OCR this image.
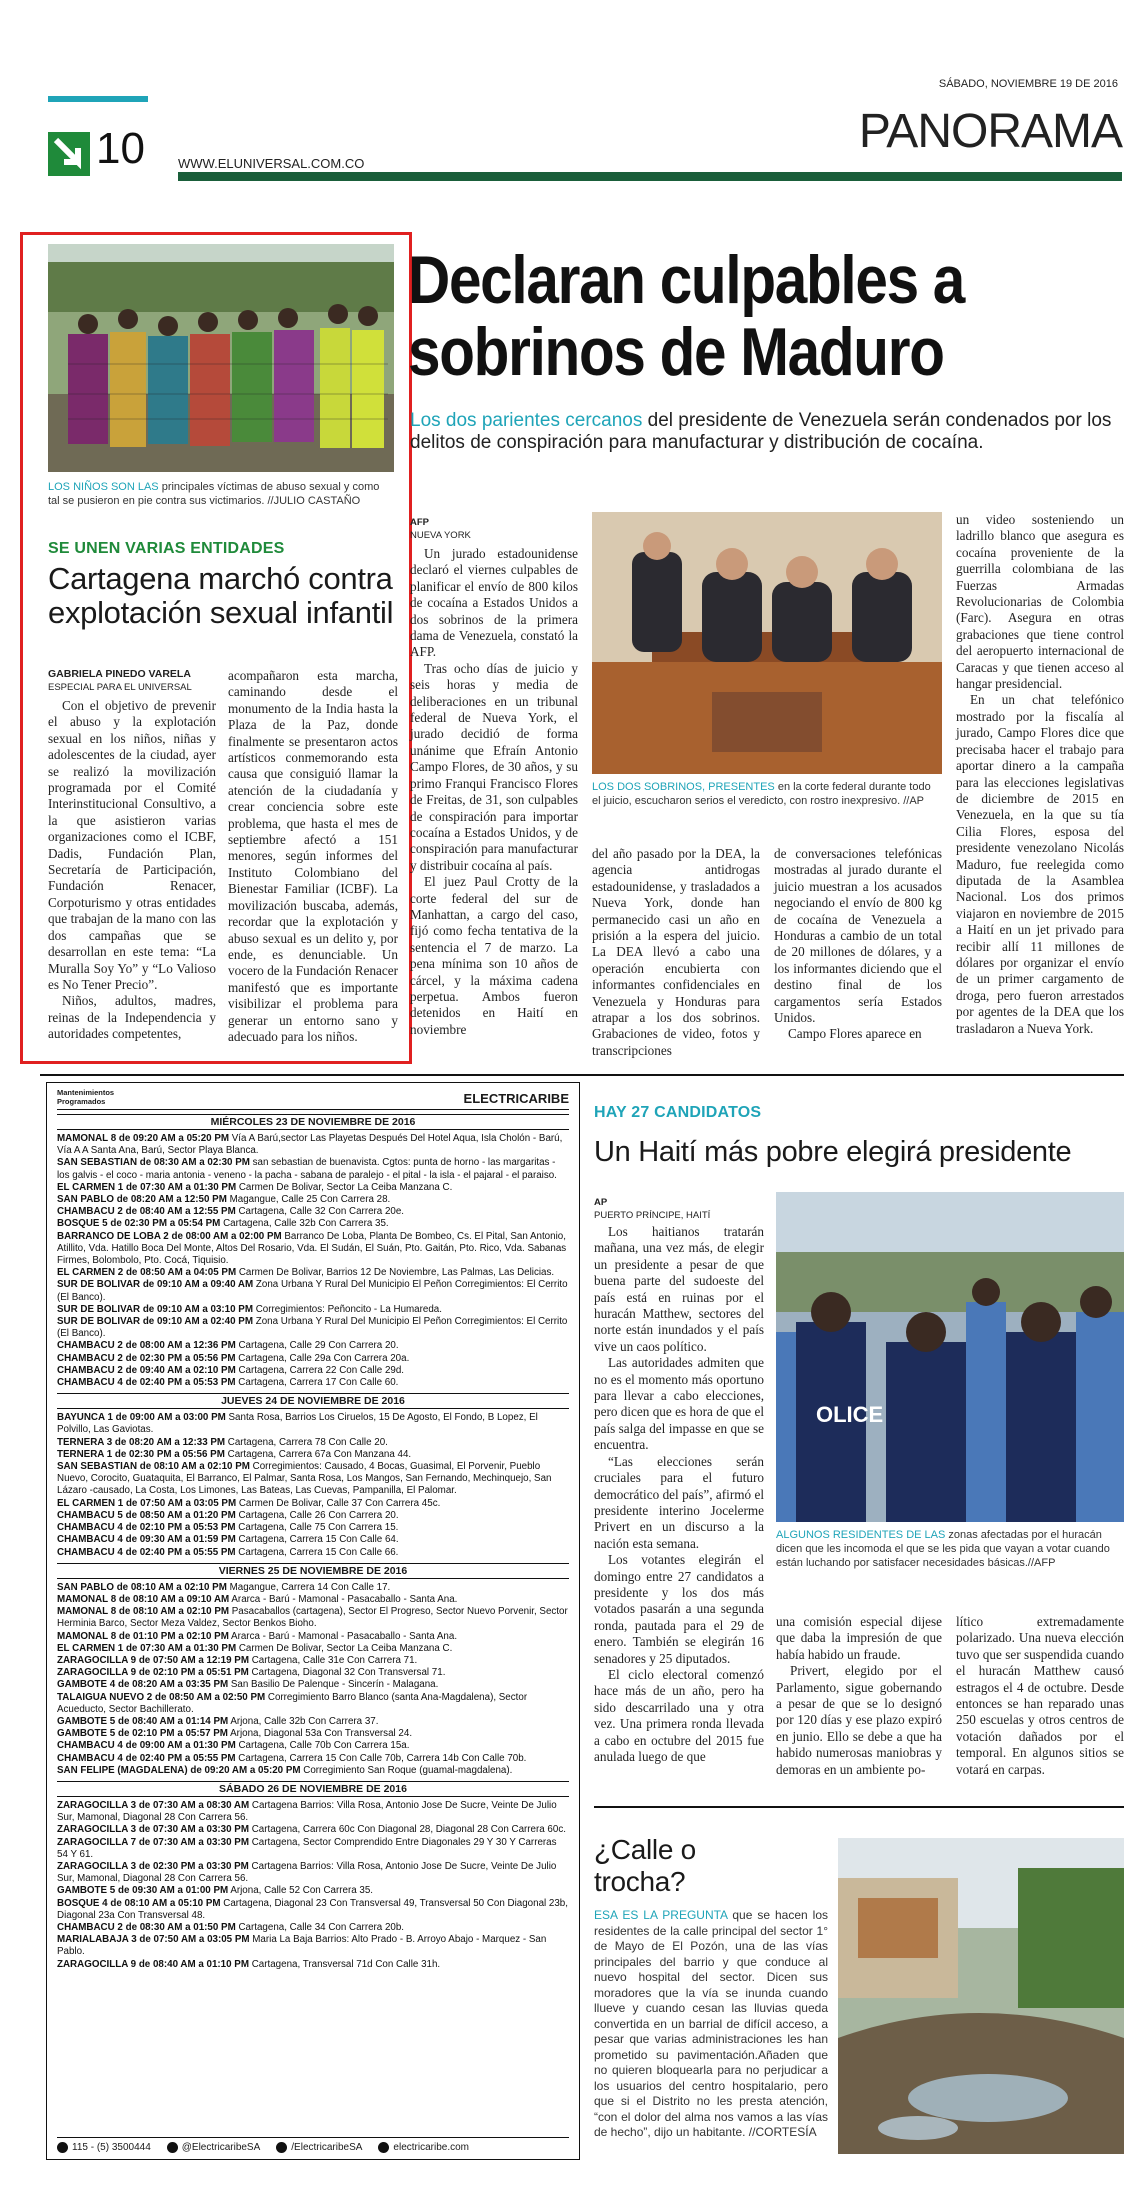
SÁBADO, NOVIEMBRE 19 DE 2016
10	WWW.ELUNIVERSAL.COM.CO
PANORAMA
LOS NIÑOS SON LAS principales víctimas de abuso sexual y como tal se pusieron en pie contra sus victimarios. //JULIO CASTAÑO
SE UNEN VARIAS ENTIDADES
Cartagena marchó contra explotación sexual infantil
GABRIELA PINEDO VARELA
ESPECIAL PARA EL UNIVERSAL

Con el objetivo de prevenir el abuso y la explotación sexual en los niños, niñas y adolescentes de la ciudad, ayer se realizó la movilización programada por el Comité Interinstitucional Consultivo, a la que asistieron varias organizaciones como el ICBF, Dadis, Fundación Plan, Secretaría de Participación, Fundación Renacer, Corpoturismo y otras entidades que trabajan de la mano con las dos campañas que se desarrollan en este tema: “La Muralla Soy Yo” y “Lo Valioso es No Tener Precio”.

Niños, adultos, madres, reinas de la Independencia y autoridades competentes,

acompañaron esta marcha, caminando desde el monumento de la India hasta la Plaza de la Paz, donde finalmente se presentaron actos artísticos conmemorando esta causa que consiguió llamar la atención de la ciudadanía y crear conciencia sobre este problema, que hasta el mes de septiembre afectó a 151 menores, según informes del Instituto Colombiano del Bienestar Familiar (ICBF). La movilización buscaba, además, recordar que la explotación y abuso sexual es un delito y, por ende, es denunciable. Un vocero de la Fundación Renacer manifestó que es importante visibilizar el problema para generar un entorno sano y adecuado para los niños.

Declaran culpables a
sobrinos de Maduro
Los dos parientes cercanos del presidente de Venezuela serán condenados por los delitos de conspiración para manufacturar y distribución de cocaína.
AFP
NUEVA YORK

Un jurado estadounidense declaró el viernes culpables de planificar el envío de 800 kilos de cocaína a Estados Unidos a dos sobrinos de la primera dama de Venezuela, constató la AFP.

Tras ocho días de juicio y seis horas y media de deliberaciones en un tribunal federal de Nueva York, el jurado decidió de forma unánime que Efraín Antonio Campo Flores, de 30 años, y su primo Franqui Francisco Flores de Freitas, de 31, son culpables de conspiración para importar cocaína a Estados Unidos, y de conspiración para manufacturar y distribuir cocaína al país.

El juez Paul Crotty de la corte federal del sur de Manhattan, a cargo del caso, fijó como fecha tentativa de la sentencia el 7 de marzo. La pena mínima son 10 años de cárcel, y la máxima cadena perpetua. Ambos fueron detenidos en Haití en noviembre

LOS DOS SOBRINOS, PRESENTES en la corte federal durante todo el juicio, escucharon serios el veredicto, con rostro inexpresivo. //AP

del año pasado por la DEA, la agencia antidrogas estadounidense, y trasladados a Nueva York, donde han permanecido casi un año en prisión a la espera del juicio. La DEA llevó a cabo una operación encubierta con informantes confidenciales en Venezuela y Honduras para atrapar a los dos sobrinos. Grabaciones de video, fotos y transcripciones

de conversaciones telefónicas mostradas al jurado durante el juicio muestran a los acusados negociando el envío de 800 kg de cocaína de Venezuela a Honduras a cambio de un total de 20 millones de dólares, y a los informantes diciendo que el destino final de los cargamentos sería Estados Unidos.

Campo Flores aparece en

un video sosteniendo un ladrillo blanco que asegura es cocaína proveniente de la guerrilla colombiana de las Fuerzas Armadas Revolucionarias de Colombia (Farc). Asegura en otras grabaciones que tiene control del aeropuerto internacional de Caracas y que tienen acceso al hangar presidencial.

En un chat telefónico mostrado por la fiscalía al jurado, Campo Flores dice que precisaba hacer el trabajo para aportar dinero a la campaña para las elecciones legislativas de diciembre de 2015 en Venezuela, en la que su tía Cilia Flores, esposa del presidente venezolano Nicolás Maduro, fue reelegida como diputada de la Asamblea Nacional. Los dos primos viajaron en noviembre de 2015 a Haití en un jet privado para recibir allí 11 millones de dólares por organizar el envío de un primer cargamento de droga, pero fueron arrestados por agentes de la DEA que los trasladaron a Nueva York.

Mantenimientos
Programados	ELECTRICARIBE
MIÉRCOLES 23 DE NOVIEMBRE DE 2016
MAMONAL 8 de 09:20 AM a 05:20 PM Vía A Barú,sector Las Playetas Después Del Hotel Aqua, Isla Cholón - Barú, Vía A A Santa Ana, Barú, Sector Playa Blanca.
SAN SEBASTIAN de 08:30 AM a 02:30 PM san sebastian de buenavista. Cgtos: punta de horno - las margaritas - los galvis - el coco - maria antonia - veneno - la pacha - sabana de paralejo - el pital - la isla - el pajaral - el paraiso.
EL CARMEN 1 de 07:30 AM a 01:30 PM Carmen De Bolivar, Sector La Ceiba Manzana C.
SAN PABLO de 08:20 AM a 12:50 PM Magangue, Calle 25 Con Carrera 28.
CHAMBACU 2 de 08:40 AM a 12:55 PM Cartagena, Calle 32 Con Carrera 20e.
BOSQUE 5 de 02:30 PM a 05:54 PM Cartagena, Calle 32b Con Carrera 35.
BARRANCO DE LOBA 2 de 08:00 AM a 02:00 PM Barranco De Loba, Planta De Bombeo, Cs. El Pital, San Antonio, Atillito, Vda. Hatillo Boca Del Monte, Altos Del Rosario, Vda. El Sudán, El Suán, Pto. Gaitán, Pto. Rico, Vda. Sabanas Firmes, Bolombolo, Pto. Cocá, Tiquisio.
EL CARMEN 2 de 08:50 AM a 04:05 PM Carmen De Bolivar, Barrios 12 De Noviembre, Las Palmas, Las Delicias.
SUR DE BOLIVAR de 09:10 AM a 09:40 AM Zona Urbana Y Rural Del Municipio El Peñon Corregimientos: El Cerrito (El Banco).
SUR DE BOLIVAR de 09:10 AM a 03:10 PM Corregimientos: Peñoncito - La Humareda.
SUR DE BOLIVAR de 09:10 AM a 02:40 PM Zona Urbana Y Rural Del Municipio El Peñon Corregimientos: El Cerrito (El Banco).
CHAMBACU 2 de 08:00 AM a 12:36 PM Cartagena, Calle 29 Con Carrera 20.
CHAMBACU 2 de 02:30 PM a 05:56 PM Cartagena, Calle 29a Con Carrera 20a.
CHAMBACU 2 de 09:40 AM a 02:10 PM Cartagena, Carrera 22 Con Calle 29d.
CHAMBACU 4 de 02:40 PM a 05:53 PM Cartagena, Carrera 17 Con Calle 60.
JUEVES 24 DE NOVIEMBRE DE 2016
BAYUNCA 1 de 09:00 AM a 03:00 PM Santa Rosa, Barrios Los Ciruelos, 15 De Agosto, El Fondo, B Lopez, El Polvillo, Las Gaviotas.
TERNERA 3 de 08:20 AM a 12:33 PM Cartagena, Carrera 78 Con Calle 20.
TERNERA 1 de 02:30 PM a 05:56 PM Cartagena, Carrera 67a Con Manzana 44.
SAN SEBASTIAN de 08:10 AM a 02:10 PM Corregimientos: Causado, 4 Bocas, Guasimal, El Porvenir, Pueblo Nuevo, Corocito, Guataquita, El Barranco, El Palmar, Santa Rosa, Los Mangos, San Fernando, Mechinquejo, San Lázaro -causado, La Costa, Los Limones, Las Bateas, Las Cuevas, Pampanilla, El Palomar.
EL CARMEN 1 de 07:50 AM a 03:05 PM Carmen De Bolivar, Calle 37 Con Carrera 45c.
CHAMBACU 5 de 08:50 AM a 01:20 PM Cartagena, Calle 26 Con Carrera 20.
CHAMBACU 4 de 02:10 PM a 05:53 PM Cartagena, Calle 75 Con Carrera 15.
CHAMBACU 4 de 09:30 AM a 01:59 PM Cartagena, Carrera 15 Con Calle 64.
CHAMBACU 4 de 02:40 PM a 05:55 PM Cartagena, Carrera 15 Con Calle 66.
VIERNES 25 DE NOVIEMBRE DE 2016
SAN PABLO de 08:10 AM a 02:10 PM Magangue, Carrera 14 Con Calle 17.
MAMONAL 8 de 08:10 AM a 09:10 AM Ararca - Barú - Mamonal - Pasacaballo - Santa Ana.
MAMONAL 8 de 08:10 AM a 02:10 PM Pasacaballos (cartagena), Sector El Progreso, Sector Nuevo Porvenir, Sector Herminia Barco, Sector Meza Valdez, Sector Benkos Bioho.
MAMONAL 8 de 01:10 PM a 02:10 PM Ararca - Barú - Mamonal - Pasacaballo - Santa Ana.
EL CARMEN 1 de 07:30 AM a 01:30 PM Carmen De Bolivar, Sector La Ceiba Manzana C.
ZARAGOCILLA 9 de 07:50 AM a 12:19 PM Cartagena, Calle 31e Con Carrera 71.
ZARAGOCILLA 9 de 02:10 PM a 05:51 PM Cartagena, Diagonal 32 Con Transversal 71.
GAMBOTE 4 de 08:20 AM a 03:35 PM San Basilio De Palenque - Sincerín - Malagana.
TALAIGUA NUEVO 2 de 08:50 AM a 02:50 PM Corregimiento Barro Blanco (santa Ana-Magdalena), Sector Acueducto, Sector Bachillerato.
GAMBOTE 5 de 08:40 AM a 01:14 PM Arjona, Calle 32b Con Carrera 37.
GAMBOTE 5 de 02:10 PM a 05:57 PM Arjona, Diagonal 53a Con Transversal 24.
CHAMBACU 4 de 09:00 AM a 01:30 PM Cartagena, Calle 70b Con Carrera 15a.
CHAMBACU 4 de 02:40 PM a 05:55 PM Cartagena, Carrera 15 Con Calle 70b, Carrera 14b Con Calle 70b.
SAN FELIPE (MAGDALENA) de 09:20 AM a 05:20 PM Corregimiento San Roque (guamal-magdalena).
SÁBADO 26 DE NOVIEMBRE DE 2016
ZARAGOCILLA 3 de 07:30 AM a 08:30 AM Cartagena Barrios: Villa Rosa, Antonio Jose De Sucre, Veinte De Julio Sur, Mamonal, Diagonal 28 Con Carrera 56.
ZARAGOCILLA 3 de 07:30 AM a 03:30 PM Cartagena, Carrera 60c Con Diagonal 28, Diagonal 28 Con Carrera 60c.
ZARAGOCILLA 7 de 07:30 AM a 03:30 PM Cartagena, Sector Comprendido Entre Diagonales 29 Y 30 Y Carreras 54 Y 61.
ZARAGOCILLA 3 de 02:30 PM a 03:30 PM Cartagena Barrios: Villa Rosa, Antonio Jose De Sucre, Veinte De Julio Sur, Mamonal, Diagonal 28 Con Carrera 56.
GAMBOTE 5 de 09:30 AM a 01:00 PM Arjona, Calle 52 Con Carrera 35.
BOSQUE 4 de 08:10 AM a 05:10 PM Cartagena, Diagonal 23 Con Transversal 49, Transversal 50 Con Diagonal 23b, Diagonal 23a Con Transversal 48.
CHAMBACU 2 de 08:30 AM a 01:50 PM Cartagena, Calle 34 Con Carrera 20b.
MARIALABAJA 3 de 07:50 AM a 03:05 PM Maria La Baja Barrios: Alto Prado - B. Arroyo Abajo - Marquez - San Pablo.
ZARAGOCILLA 9 de 08:40 AM a 01:10 PM Cartagena, Transversal 71d Con Calle 31h.
115 - (5) 3500444	@ElectricaribeSA	/ElectricaribeSA	electricaribe.com
HAY 27 CANDIDATOS
Un Haití más pobre elegirá presidente
AP
PUERTO PRÍNCIPE, HAITÍ

Los haitianos tratarán mañana, una vez más, de elegir un presidente a pesar de que buena parte del sudoeste del país está en ruinas por el huracán Matthew, sectores del norte están inundados y el país vive un caos político.

Las autoridades admiten que no es el momento más oportuno para llevar a cabo elecciones, pero dicen que es hora de que el país salga del impasse en que se encuentra.

“Las elecciones serán cruciales para el futuro democrático del país”, afirmó el presidente interino Jocelerme Privert en un discurso a la nación esta semana.

Los votantes elegirán el domingo entre 27 candidatos a presidente y los dos más votados pasarán a una segunda ronda, pautada para el 29 de enero. También se elegirán 16 senadores y 25 diputados.

El ciclo electoral comenzó hace más de un año, pero ha sido descarrilado una y otra vez. Una primera ronda llevada a cabo en octubre del 2015 fue anulada luego de que

OLICE
ALGUNOS RESIDENTES DE LAS zonas afectadas por el huracán dicen que les incomoda el que se les pida que vayan a votar cuando están luchando por satisfacer necesidades básicas.//AFP

una comisión especial dijese que daba la impresión de que había habido un fraude.

Privert, elegido por el Parlamento, sigue gobernando a pesar de que se lo designó por 120 días y ese plazo expiró en junio. Ello se debe a que ha habido numerosas maniobras y demoras en un ambiente po-

lítico extremadamente polarizado. Una nueva elección tuvo que ser suspendida cuando el huracán Matthew causó estragos el 4 de octubre. Desde entonces se han reparado unas 250 escuelas y otros centros de votación dañados por el temporal. En algunos sitios se votará en carpas.

¿Calle o trocha?
ESA ES LA PREGUNTA que se hacen los residentes de la calle principal del sector 1° de Mayo de El Pozón, una de las vías principales del barrio y que conduce al nuevo hospital del sector. Dicen sus moradores que la vía se inunda cuando llueve y cuando cesan las lluvias queda convertida en un barrial de difícil acceso, a pesar que varias administraciones les han prometido su pavimentación.Añaden que no quieren bloquearla para no perjudicar a los usuarios del centro hospitalario, pero que si el Distrito no les presta atención, “con el dolor del alma nos vamos a las vías de hecho”, dijo un habitante. //CORTESÍA
